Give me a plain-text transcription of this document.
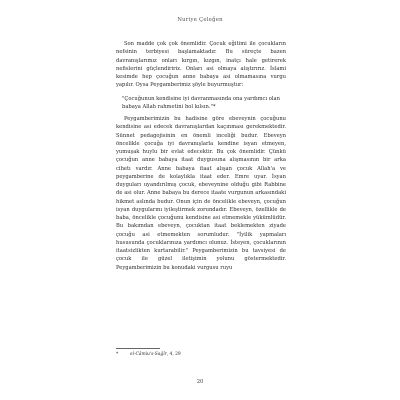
Nuriye Çeleğen

Son madde çok çok önemlidir. Çocuk eğitimi ile çocukların nefsinin terbiyesi başlamaktadır. Bu süreçte bazen davranışlarımız onları kırgın, kızgın, inatçı hale getirerek nefislerini güçlendiririz. Onları asi olmaya alıştırırız. İslami kesimde hep çocuğun anne babaya asi olmamasına vurgu yapılır. Oysa Peygamberimiz şöyle buyurmuştur:

"Çocuğunun kendisine iyi davranmasında ona yardımcı olan babaya Allah rahmetini bol kılsın."*

Peygamberimizin bu hadisine göre ebeveynin çocuğunu kendisine asi edecek davranışlardan kaçınması gerekmektedir. Sünnet pedagojisinin en önemli inceliği budur. Ebeveyn öncelikle çocuğa iyi davranışlarla kendine isyan etmeyen, yumuşak huylu bir evlat edecektir. Bu çok önemlidir. Çünkü çocuğun anne babaya itaat duygusuna alışmasının bir arka cihetı vardır. Anne babaya itaat alışan çocuk Allah'a ve peygamberine de kolaylıkla itaat eder. Emre uyar. İsyan duyguları uyandırılmış çocuk, ebeveynine olduğu gibi Rabbine de asi olur. Anne babaya bu derece itaate vurgunun arkasındaki hikmet aslında budur. Onun için de öncelikle ebeveyn, çocuğun isyan duygularını iyileştirmek zorundadır. Ebeveyn, özellikle de baba, öncelikle çocuğunu kendisine asi etmemekle yükümlüdür. Bu bakımdan ebeveyn, çocuktan itaat beklemekten ziyade çocuğu asi etmemekten sorumludur. "İyilik yapmaları hususunda çocuklarınıza yardımcı olunuz. İsteyen, çocuklarının itaatsizlikten kurtarabilir." Peygamberimizin bu tavsiyesi de çocuk ile güzel iletişimin yolunu göstermektedir. Peygamberimizin bu konudaki vurgusu ruyu

*	el-Câmiu's-Sağîr, 4, 29
20
